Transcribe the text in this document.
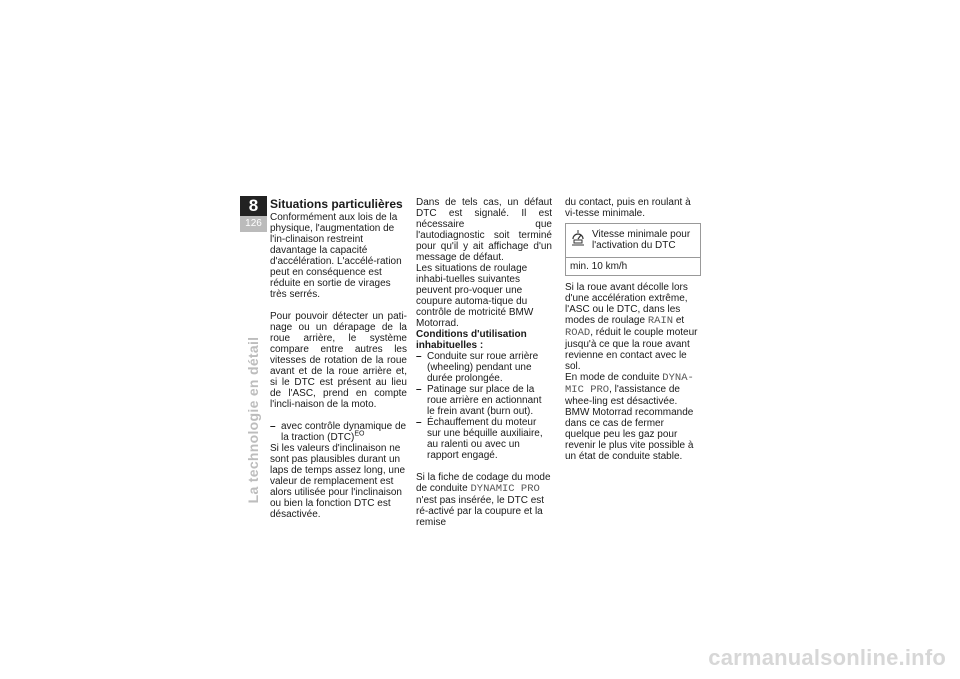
8
126
La technologie en détail
Situations particulières

Conformément aux lois de la physique, l'augmentation de l'in-clinaison restreint davantage la capacité d'accélération. L'accélé-ration peut en conséquence est réduite en sortie de virages très serrés.

Pour pouvoir détecter un pati-nage ou un dérapage de la roue arrière, le système compare entre autres les vitesses de rotation de la roue avant et de la roue arrière et, si le DTC est présent au lieu de l'ASC, prend en compte l'incli-naison de la moto.

– avec contrôle dynamique de la traction (DTC)$^{EO}$

Si les valeurs d'inclinaison ne sont pas plausibles durant un laps de temps assez long, une valeur de remplacement est alors utilisée pour l'inclinaison ou bien la fonction DTC est désactivée.

Dans de tels cas, un défaut DTC est signalé. Il est nécessaire que l'autodiagnostic soit terminé pour qu'il y ait affichage d'un message de défaut.

Les situations de roulage inhabi-tuelles suivantes peuvent pro-voquer une coupure automa-tique du contrôle de motricité BMW Motorrad.

Conditions d'utilisation inhabituelles :

– Conduite sur roue arrière (wheeling) pendant une durée prolongée.
– Patinage sur place de la roue arrière en actionnant le frein avant (burn out).
– Échauffement du moteur sur une béquille auxiliaire, au ralenti ou avec un rapport engagé.

Si la fiche de codage du mode de conduite DYNAMIC PRO n'est pas insérée, le DTC est ré-activé par la coupure et la remise

du contact, puis en roulant à vi-tesse minimale.

Vitesse minimale pour l'activation du DTC
min. 10 km/h

Si la roue avant décolle lors d'une accélération extrême, l'ASC ou le DTC, dans les modes de roulage RAIN et ROAD, réduit le couple moteur jusqu'à ce que la roue avant revienne en contact avec le sol.

En mode de conduite DYNA-MIC PRO, l'assistance de whee-ling est désactivée.

BMW Motorrad recommande dans ce cas de fermer quelque peu les gaz pour revenir le plus vite possible à un état de conduite stable.

carmanualsonline.info
